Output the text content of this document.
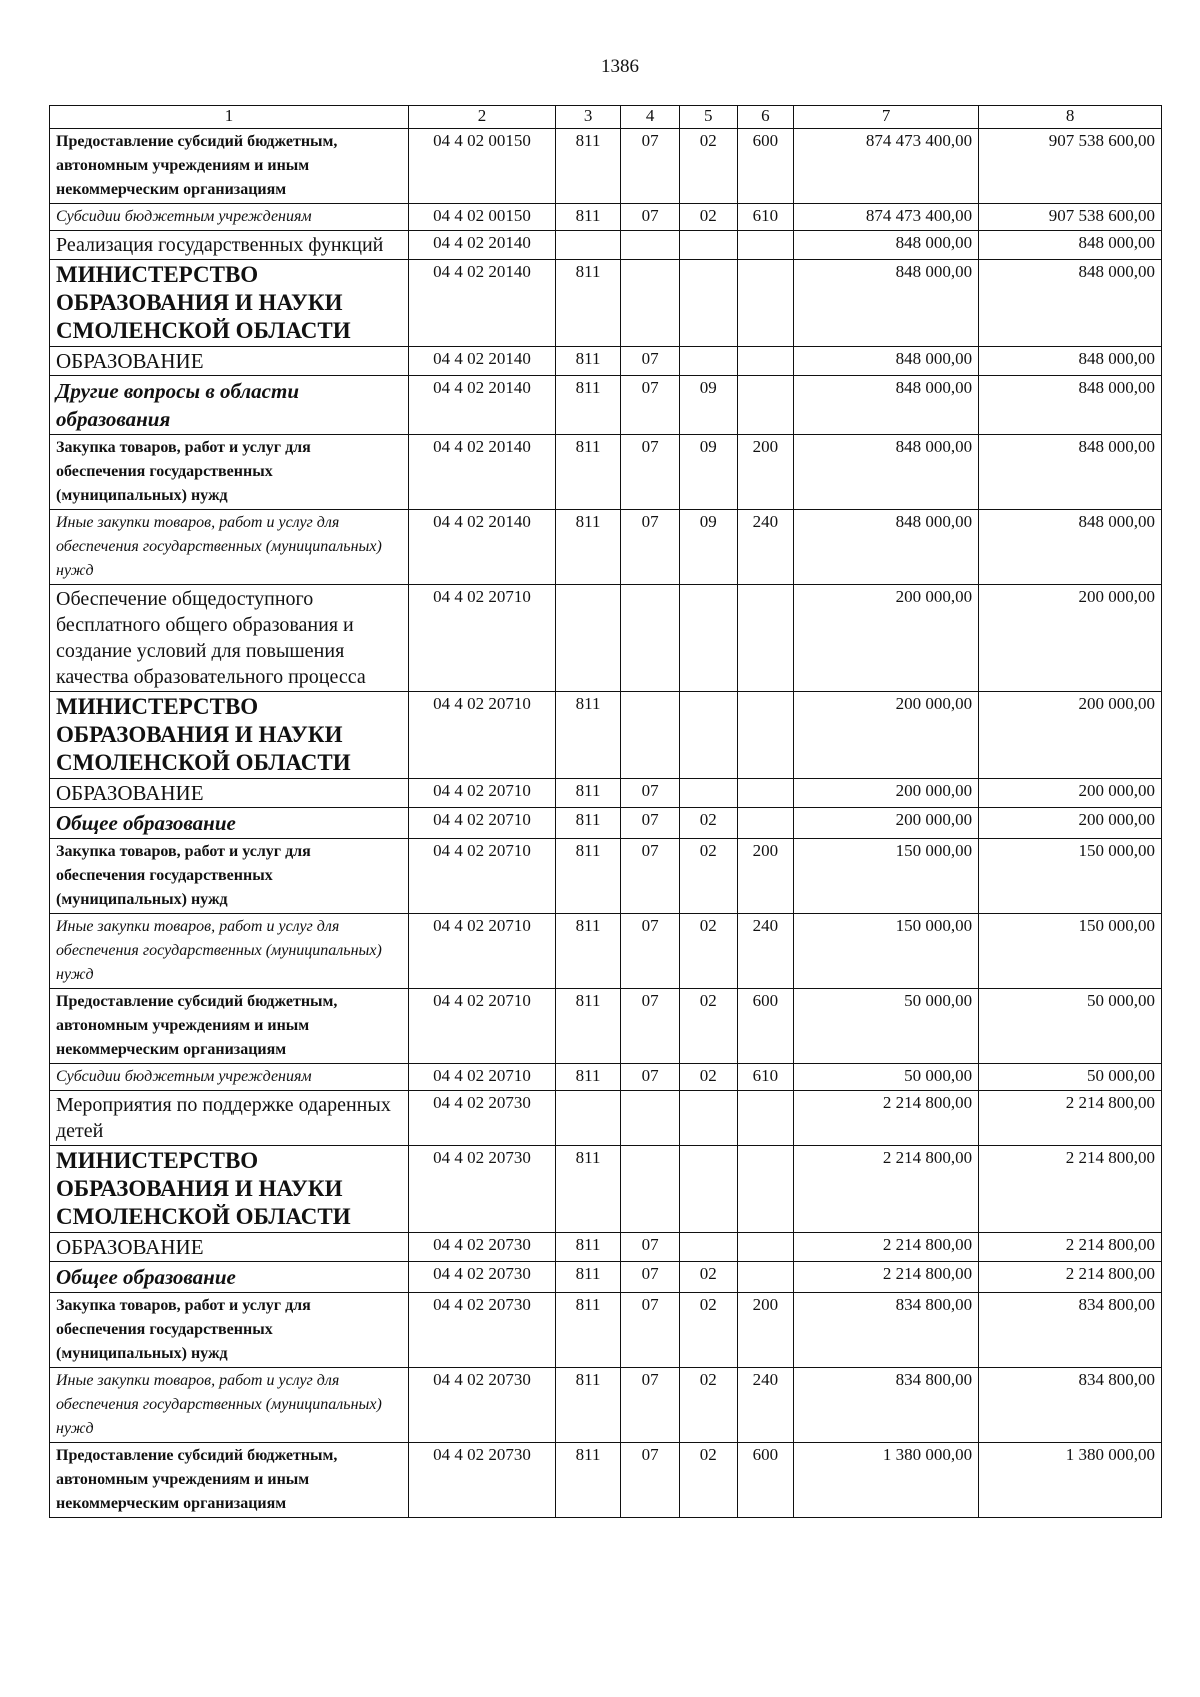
1386
1	2	3	4	5	6	7	8
Предоставление субсидий бюджетным, автономным учреждениям и иным некоммерческим организациям	04 4 02 00150	811	07	02	600	874 473 400,00	907 538 600,00
Субсидии бюджетным учреждениям	04 4 02 00150	811	07	02	610	874 473 400,00	907 538 600,00
Реализация государственных функций	04 4 02 20140					848 000,00	848 000,00
МИНИСТЕРСТВО ОБРАЗОВАНИЯ И НАУКИ СМОЛЕНСКОЙ ОБЛАСТИ	04 4 02 20140	811				848 000,00	848 000,00
ОБРАЗОВАНИЕ	04 4 02 20140	811	07			848 000,00	848 000,00
Другие вопросы в области образования	04 4 02 20140	811	07	09		848 000,00	848 000,00
Закупка товаров, работ и услуг для обеспечения государственных (муниципальных) нужд	04 4 02 20140	811	07	09	200	848 000,00	848 000,00
Иные закупки товаров, работ и услуг для обеспечения государственных (муниципальных) нужд	04 4 02 20140	811	07	09	240	848 000,00	848 000,00
Обеспечение общедоступного бесплатного общего образования и создание условий для повышения качества образовательного процесса	04 4 02 20710					200 000,00	200 000,00
МИНИСТЕРСТВО ОБРАЗОВАНИЯ И НАУКИ СМОЛЕНСКОЙ ОБЛАСТИ	04 4 02 20710	811				200 000,00	200 000,00
ОБРАЗОВАНИЕ	04 4 02 20710	811	07			200 000,00	200 000,00
Общее образование	04 4 02 20710	811	07	02		200 000,00	200 000,00
Закупка товаров, работ и услуг для обеспечения государственных (муниципальных) нужд	04 4 02 20710	811	07	02	200	150 000,00	150 000,00
Иные закупки товаров, работ и услуг для обеспечения государственных (муниципальных) нужд	04 4 02 20710	811	07	02	240	150 000,00	150 000,00
Предоставление субсидий бюджетным, автономным учреждениям и иным некоммерческим организациям	04 4 02 20710	811	07	02	600	50 000,00	50 000,00
Субсидии бюджетным учреждениям	04 4 02 20710	811	07	02	610	50 000,00	50 000,00
Мероприятия по поддержке одаренных детей	04 4 02 20730					2 214 800,00	2 214 800,00
МИНИСТЕРСТВО ОБРАЗОВАНИЯ И НАУКИ СМОЛЕНСКОЙ ОБЛАСТИ	04 4 02 20730	811				2 214 800,00	2 214 800,00
ОБРАЗОВАНИЕ	04 4 02 20730	811	07			2 214 800,00	2 214 800,00
Общее образование	04 4 02 20730	811	07	02		2 214 800,00	2 214 800,00
Закупка товаров, работ и услуг для обеспечения государственных (муниципальных) нужд	04 4 02 20730	811	07	02	200	834 800,00	834 800,00
Иные закупки товаров, работ и услуг для обеспечения государственных (муниципальных) нужд	04 4 02 20730	811	07	02	240	834 800,00	834 800,00
Предоставление субсидий бюджетным, автономным учреждениям и иным некоммерческим организациям	04 4 02 20730	811	07	02	600	1 380 000,00	1 380 000,00
